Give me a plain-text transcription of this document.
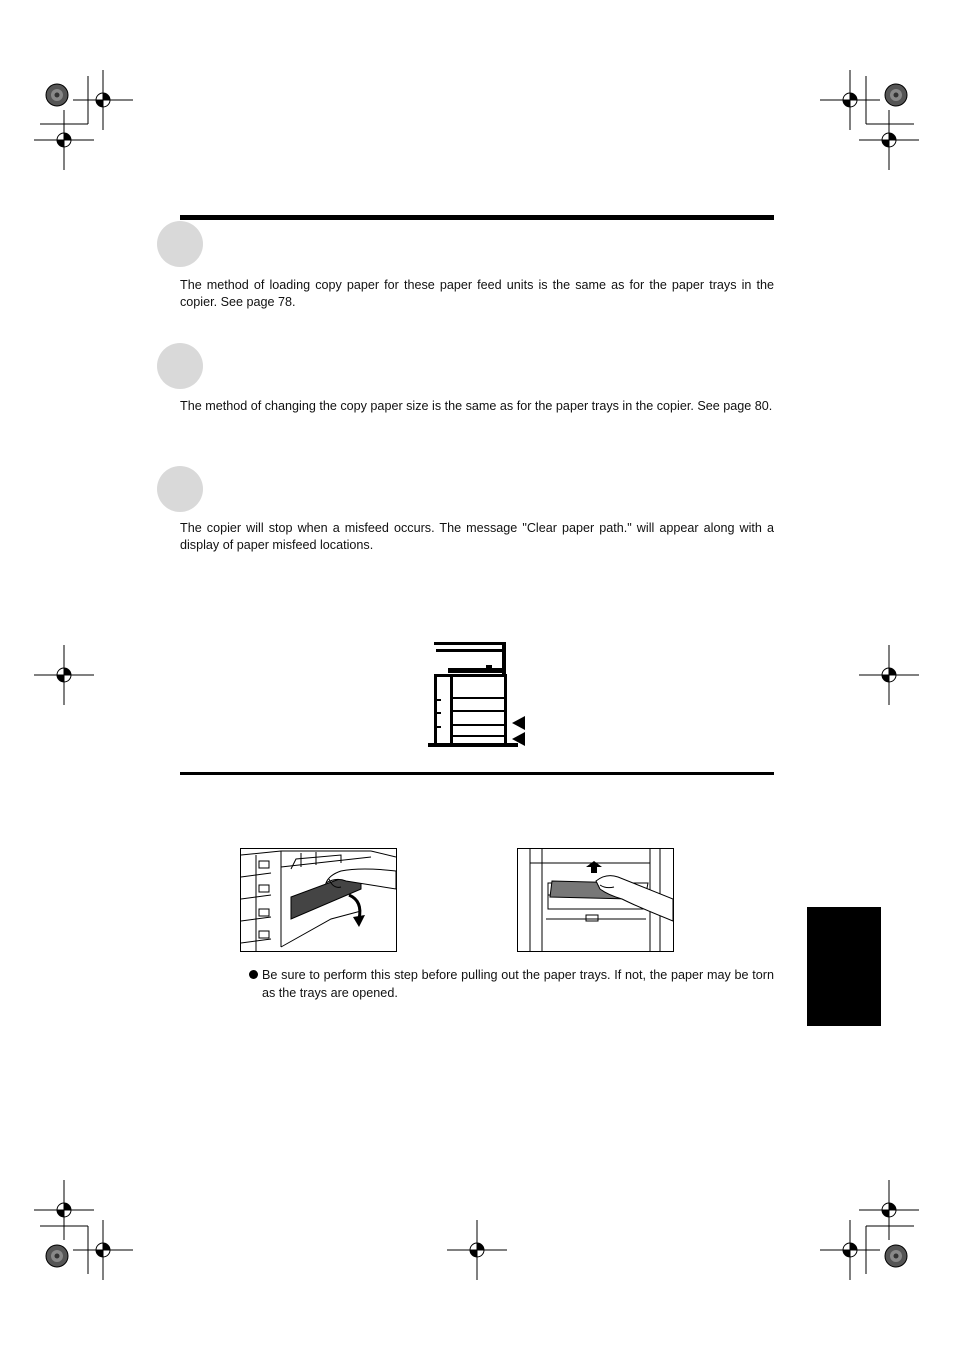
The method of loading copy paper for these paper feed units is the same as for the paper trays in the copier. See page 78.
The method of changing the copy paper size is the same as for the paper trays in the copier. See page 80.
The copier will stop when a misfeed occurs. The message "Clear paper path." will appear along with a display of paper misfeed locations.
Be sure to perform this step before pulling out the paper trays. If not, the paper may be torn as the trays are opened.
